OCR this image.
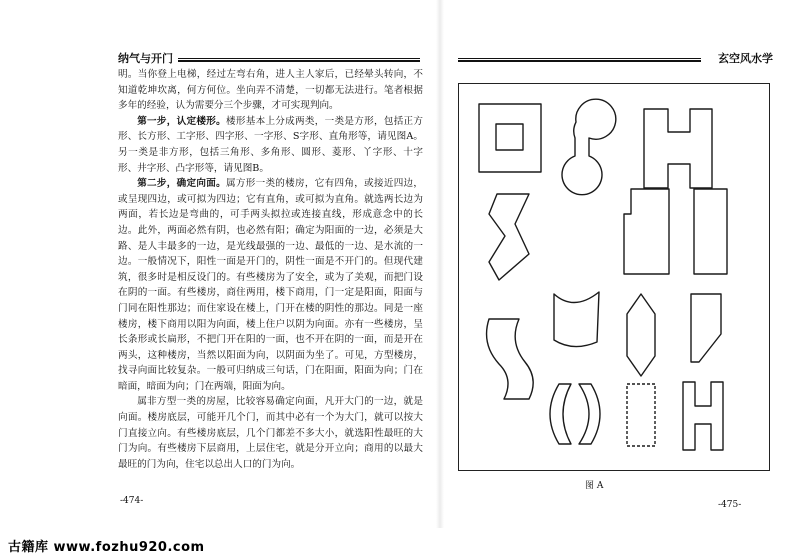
纳气与开门

明。当你登上电梯，经过左弯右角，进人主人家后，已经晕头转向，不知道乾坤坎离，何方何位。坐向弄不清楚，一切都无法进行。笔者根据多年的经验，认为需要分三个步骤，才可实现判向。

第一步，认定楼形。楼形基本上分成两类，一类是方形，包括正方形、长方形、工字形、四字形、一字形、S字形、直角形等，请见图A。另一类是非方形，包括三角形、多角形、圆形、菱形、丫字形、十字形、井字形、凸字形等，请见图B。

第二步，确定向面。属方形一类的楼房，它有四角，或接近四边，或呈现四边，或可拟为四边；它有直角，或可拟为直角。就选两长边为两面，若长边是弯曲的，可手两头拟拉或连接直线，形成意念中的长边。此外，两面必然有阴，也必然有阳；确定为阳面的一边，必须是大路、是人丰最多的一边，是光线最强的一边、最低的一边、是水流的一边。一般情况下，阳性一面是开门的，阴性一面是不开门的。但现代建筑，很多时是相反设门的。有些楼房为了安全，或为了美观，而把门设在阴的一面。有些楼房，商住两用，楼下商用，门一定是阳面，阳面与门同在阳性那边；而住家设在楼上，门开在楼的阴性的那边。同是一座楼房，楼下商用以阳为向面，楼上住户以阴为向面。亦有一些楼房，呈长条形或长扁形，不把门开在阳的一面，也不开在阴的一面，而是开在两头，这种楼房，当然以阳面为向，以阴面为坐了。可见，方型楼房，找寻向面比较复杂。一般可归纳成三句话，门在阳面，阳面为向；门在暗面，暗面为向；门在两端，阳面为向。

属非方型一类的房屋，比较容易确定向面，凡开大门的一边，就是向面。楼房底层，可能开几个门，而其中必有一个为大门，就可以按大门直接立向。有些楼房底层，几个门都差不多大小，就选阳性最旺的大门为向。有些楼房下层商用，上层住宅，就是分开立向；商用的以最大最旺的门为向，住宅以总出人口的门为向。

-474-
玄空风水学
图 A
-475-
古籍库 www.fozhu920.com
